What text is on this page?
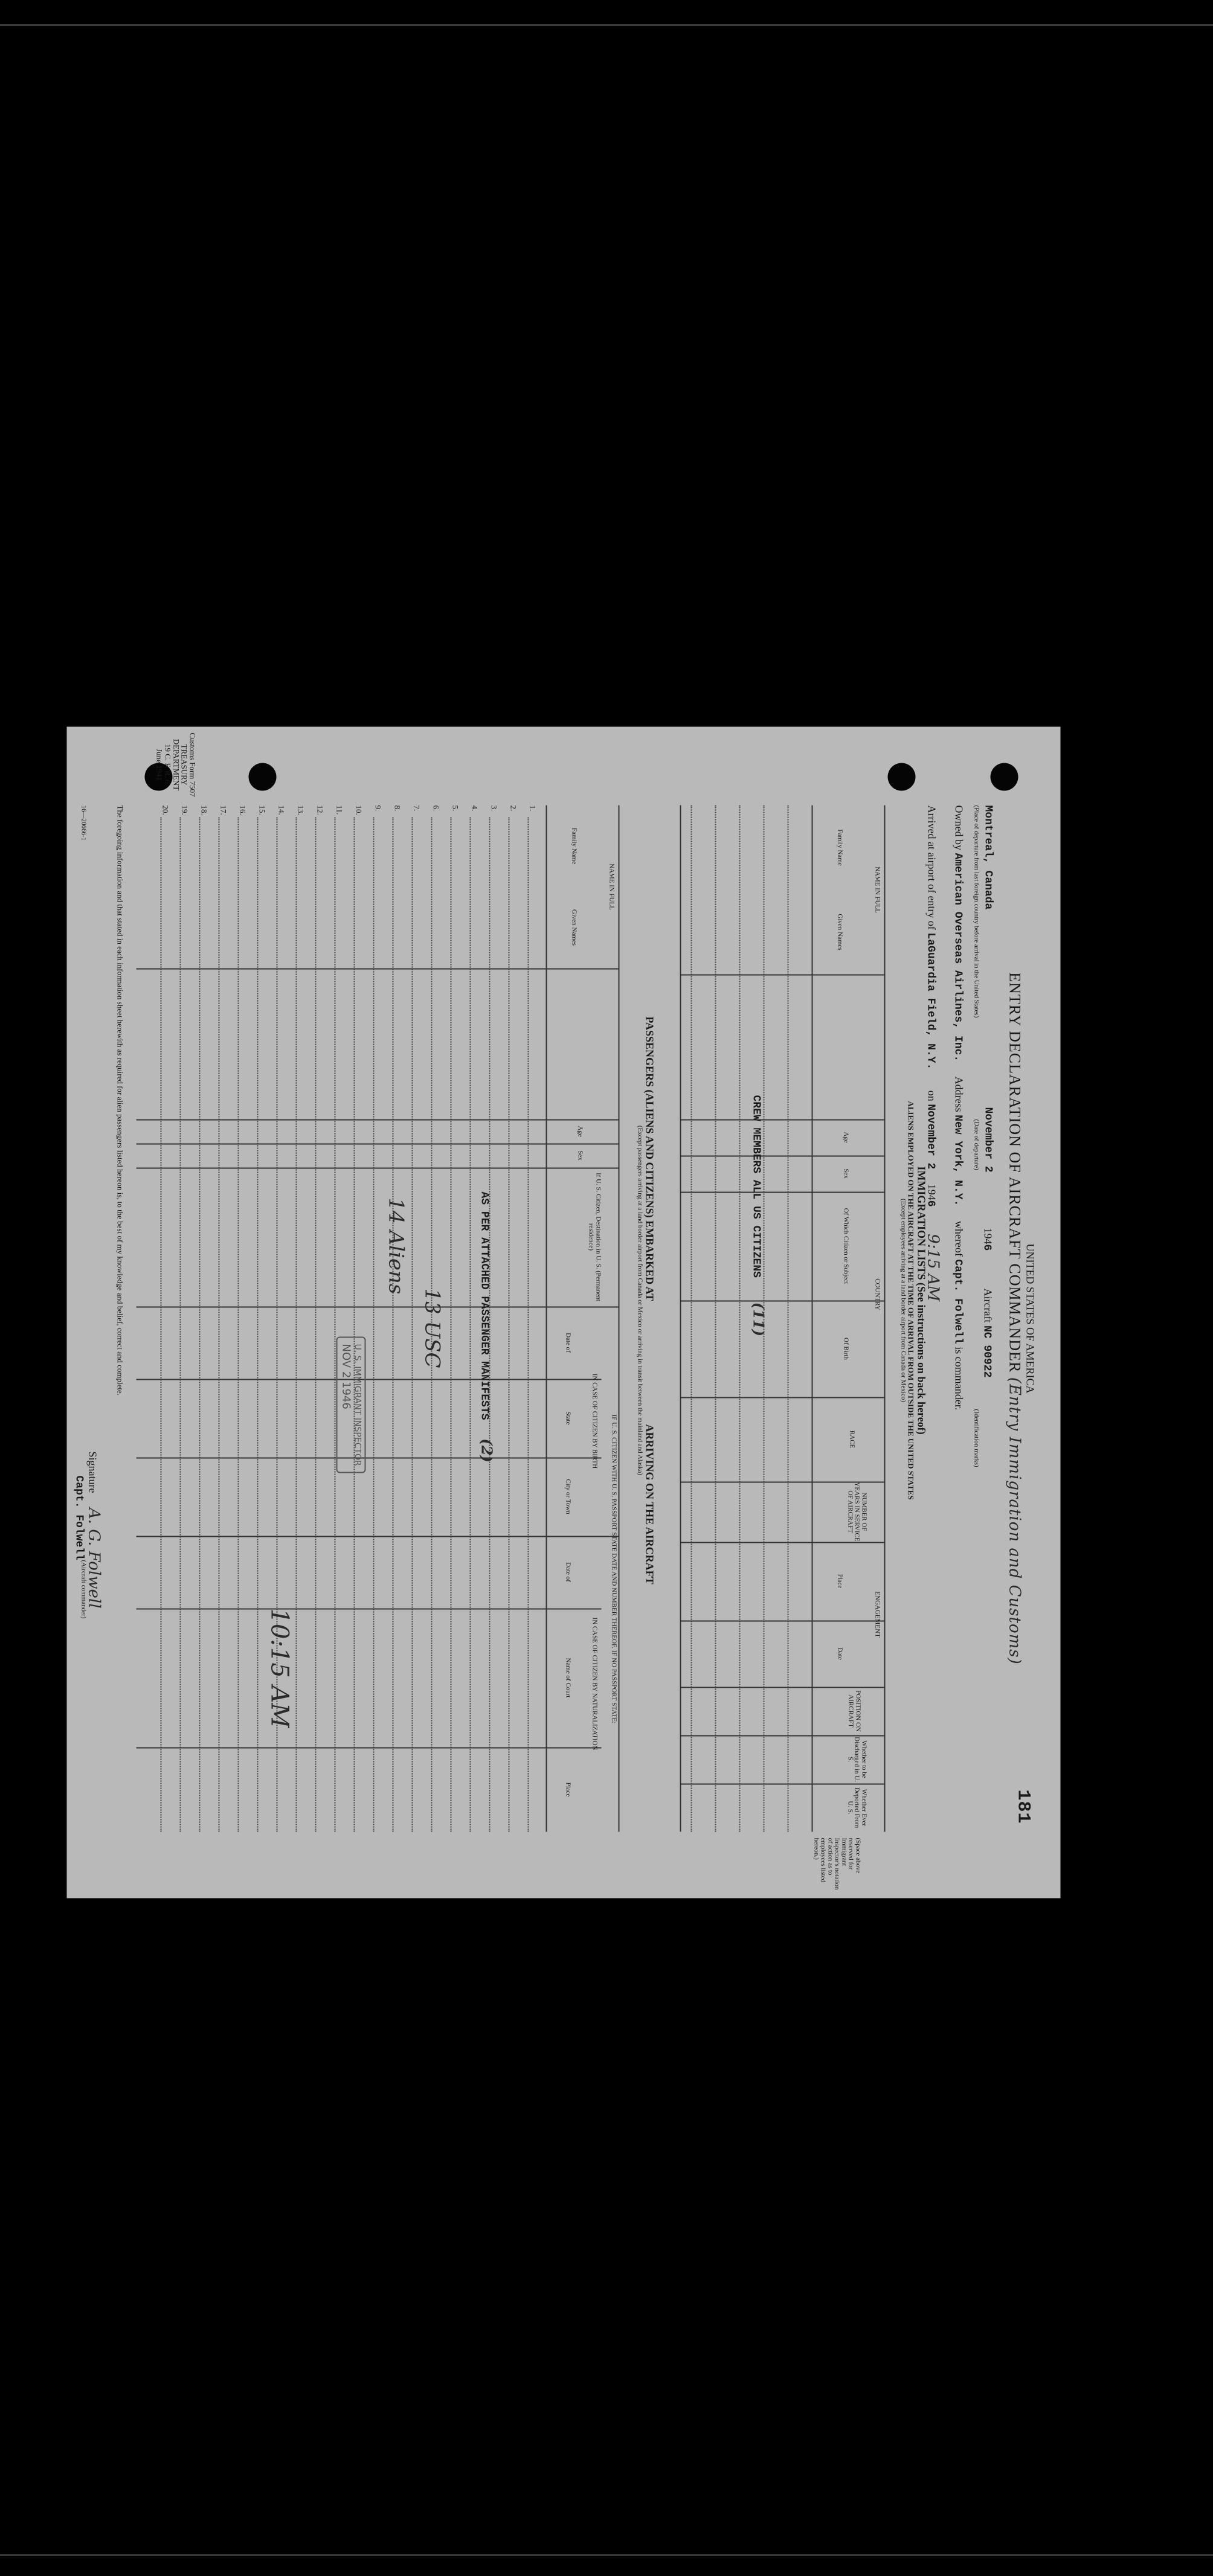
Customs Form 7507
TREASURY DEPARTMENT
19 C. F. R. 6.
June 1941
181
UNITED STATES OF AMERICA
ENTRY DECLARATION OF AIRCRAFT COMMANDER (Entry Immigration and Customs)
Montreal, Canada
(Place of departure from last foreign country before arrival in the United States)
November 2
(Date of departure)
1946
Aircraft NC 90922
(Identification marks)
Owned by American Overseas Airlines, Inc. Address New York, N.Y. whereof Capt. Folwell is commander.
Arrived at airport of entry of LaGuardia Field, N.Y. on November 2 1946 9:15 AM
IMMIGRATION LISTS (See instructions on back hereof)
ALIENS EMPLOYED ON THE AIRCRAFT AT THE TIME OF ARRIVAL FROM OUTSIDE THE UNITED STATES
(Except employees arriving at a land border airport from Canada or Mexico)
NAME IN FULL
Family Name
Given Names
Age
Sex
COUNTRY
Of Which Citizen or Subject
Of Birth
RACE
NUMBER OF YEARS IN SERVICE OF AIRCRAFT
ENGAGEMENT
Place
Date
POSITION ON AIRCRAFT
Whether to be Discharged in U. S.
Whether Ever Deported From U. S.
CREW MEMBERS ALL US CITIZENS (11)
(Space above reserved for Immigrant Inspector's notation of action as to employees listed hereon.)
PASSENGERS (ALIENS AND CITIZENS) EMBARKED AT ARRIVING ON THE AIRCRAFT
(Except passengers arriving at a land border airport from Canada or Mexico or arriving in transit between the mainland and Alaska)
NAME IN FULL
Family Name
Given Names
Age
Sex
If U. S. Citizen, Destination in U. S. (Permanent residence)
IF U. S. CITIZEN WITH U. S. PASSPORT STATE DATE AND NUMBER THEREOF. IF NO PASSPORT STATE:
IN CASE OF CITIZEN BY BIRTH
IN CASE OF CITIZEN BY NATURALIZATION
Date of
State
City or Town
Date of
Name of Court
Place
1.
2.
3.
4.
5.
6.
7.
8.
9.
10.
11.
12.
13.
14.
15.
16.
17.
18.
19.
20.
AS PER ATTACHED PASSENGER MANIFESTS (2)
13 USC
14 Aliens
U. S. IMMIGRANT INSPECTOR
NOV 2 1946
10:15 AM
The foregoing information and that stated in each information sheet herewith as required for alien passengers listed hereon is, to the best of my knowledge and belief, correct and complete.
Signature A. G. Folwell
(Aircraft commander)
Capt. Folwell
16—20666-1
